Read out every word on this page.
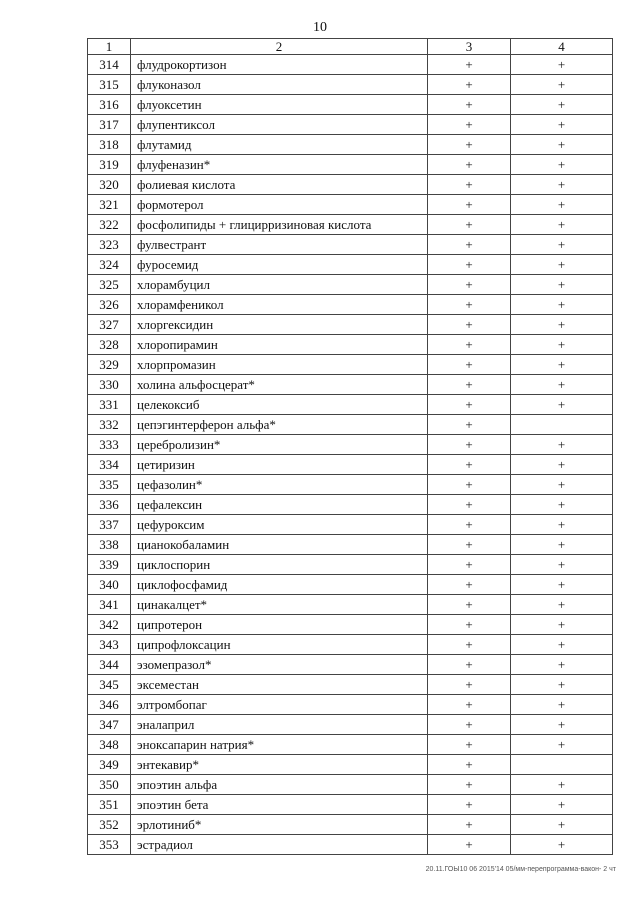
10
1	2	3	4
314	флудрокортизон	+	+
315	флуконазол	+	+
316	флуоксетин	+	+
317	флупентиксол	+	+
318	флутамид	+	+
319	флуфеназин*	+	+
320	фолиевая кислота	+	+
321	формотерол	+	+
322	фосфолипиды + глицирризиновая кислота	+	+
323	фулвестрант	+	+
324	фуросемид	+	+
325	хлорамбуцил	+	+
326	хлорамфеникол	+	+
327	хлоргексидин	+	+
328	хлоропирамин	+	+
329	хлорпромазин	+	+
330	холина альфосцерат*	+	+
331	целекоксиб	+	+
332	цепэгинтерферон альфа*	+	
333	церебролизин*	+	+
334	цетиризин	+	+
335	цефазолин*	+	+
336	цефалексин	+	+
337	цефуроксим	+	+
338	цианокобаламин	+	+
339	циклоспорин	+	+
340	циклофосфамид	+	+
341	цинакалцет*	+	+
342	ципротерон	+	+
343	ципрофлоксацин	+	+
344	эзомепразол*	+	+
345	эксеместан	+	+
346	элтромбопаг	+	+
347	эналаприл	+	+
348	эноксапарин натрия*	+	+
349	энтекавир*	+	
350	эпоэтин альфа	+	+
351	эпоэтин бета	+	+
352	эрлотиниб*	+	+
353	эстрадиол	+	+
20.11.ГОЫ10 06 2015'14 05/мм-перепрограмма-вакон- 2 чт
